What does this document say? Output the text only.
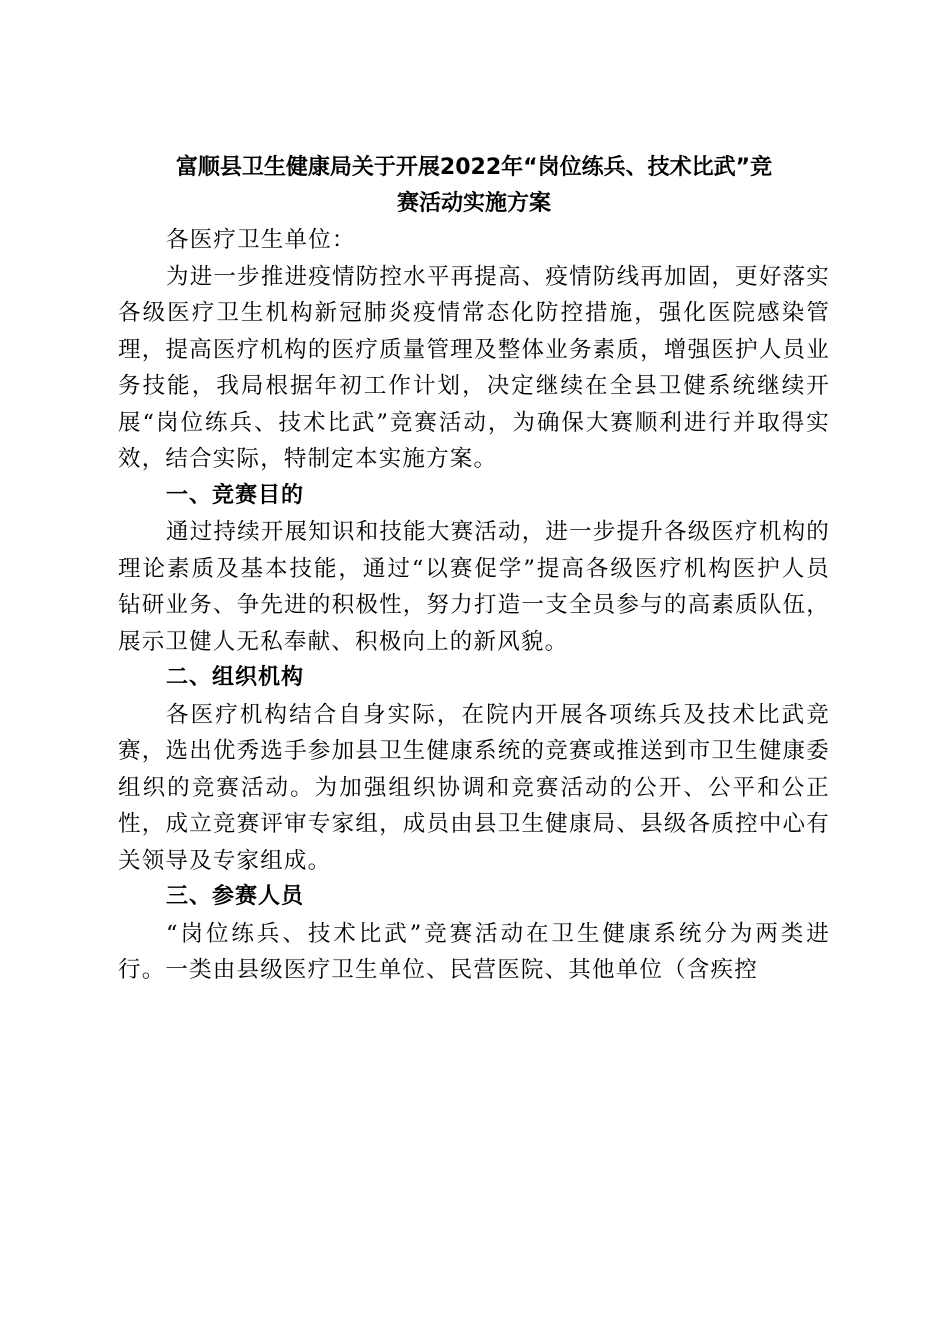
富顺县卫生健康局关于开展2022年“岗位练兵、技术比武”竞
赛活动实施方案

各医疗卫生单位：

为进一步推进疫情防控水平再提高、疫情防线再加固，更好落实各级医疗卫生机构新冠肺炎疫情常态化防控措施，强化医院感染管理，提高医疗机构的医疗质量管理及整体业务素质，增强医护人员业务技能，我局根据年初工作计划，决定继续在全县卫健系统继续开展“岗位练兵、技术比武”竞赛活动，为确保大赛顺利进行并取得实效，结合实际，特制定本实施方案。

一、竞赛目的

通过持续开展知识和技能大赛活动，进一步提升各级医疗机构的理论素质及基本技能，通过“以赛促学”提高各级医疗机构医护人员钻研业务、争先进的积极性，努力打造一支全员参与的高素质队伍，展示卫健人无私奉献、积极向上的新风貌。

二、组织机构

各医疗机构结合自身实际，在院内开展各项练兵及技术比武竞赛，选出优秀选手参加县卫生健康系统的竞赛或推送到市卫生健康委组织的竞赛活动。为加强组织协调和竞赛活动的公开、公平和公正性，成立竞赛评审专家组，成员由县卫生健康局、县级各质控中心有关领导及专家组成。

三、参赛人员

“岗位练兵、技术比武”竞赛活动在卫生健康系统分为两类进行。一类由县级医疗卫生单位、民营医院、其他单位（含疾控
